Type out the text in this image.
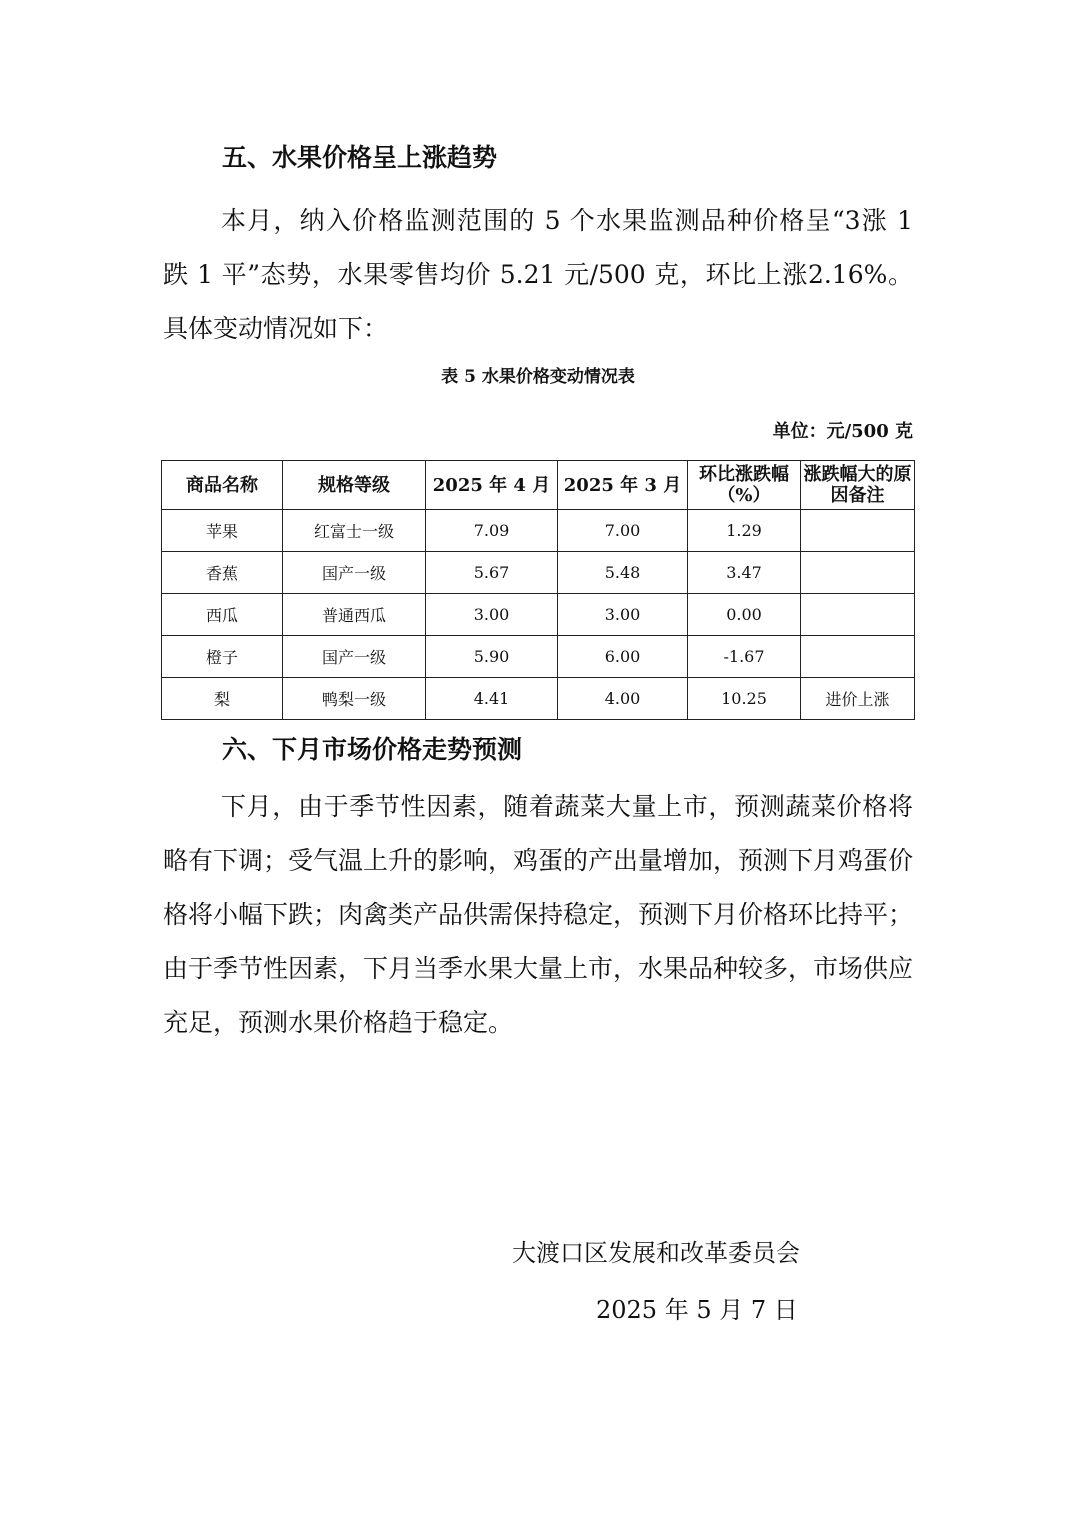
五、水果价格呈上涨趋势

本月，纳入价格监测范围的 5 个水果监测品种价格呈“3涨 1 跌 1 平”态势，水果零售均价 5.21 元/500 克，环比上涨2.16%。具体变动情况如下：

表 5 水果价格变动情况表

单位：元/500 克

商品名称	规格等级	2025 年 4 月	2025 年 3 月	环比涨跌幅（%）	涨跌幅大的原因备注
苹果	红富士一级	7.09	7.00	1.29	
香蕉	国产一级	5.67	5.48	3.47	
西瓜	普通西瓜	3.00	3.00	0.00	
橙子	国产一级	5.90	6.00	-1.67	
梨	鸭梨一级	4.41	4.00	10.25	进价上涨
六、下月市场价格走势预测

下月，由于季节性因素，随着蔬菜大量上市，预测蔬菜价格将略有下调；受气温上升的影响，鸡蛋的产出量增加，预测下月鸡蛋价格将小幅下跌；肉禽类产品供需保持稳定，预测下月价格环比持平；由于季节性因素，下月当季水果大量上市，水果品种较多，市场供应充足，预测水果价格趋于稳定。

大渡口区发展和改革委员会

2025 年 5 月 7 日
